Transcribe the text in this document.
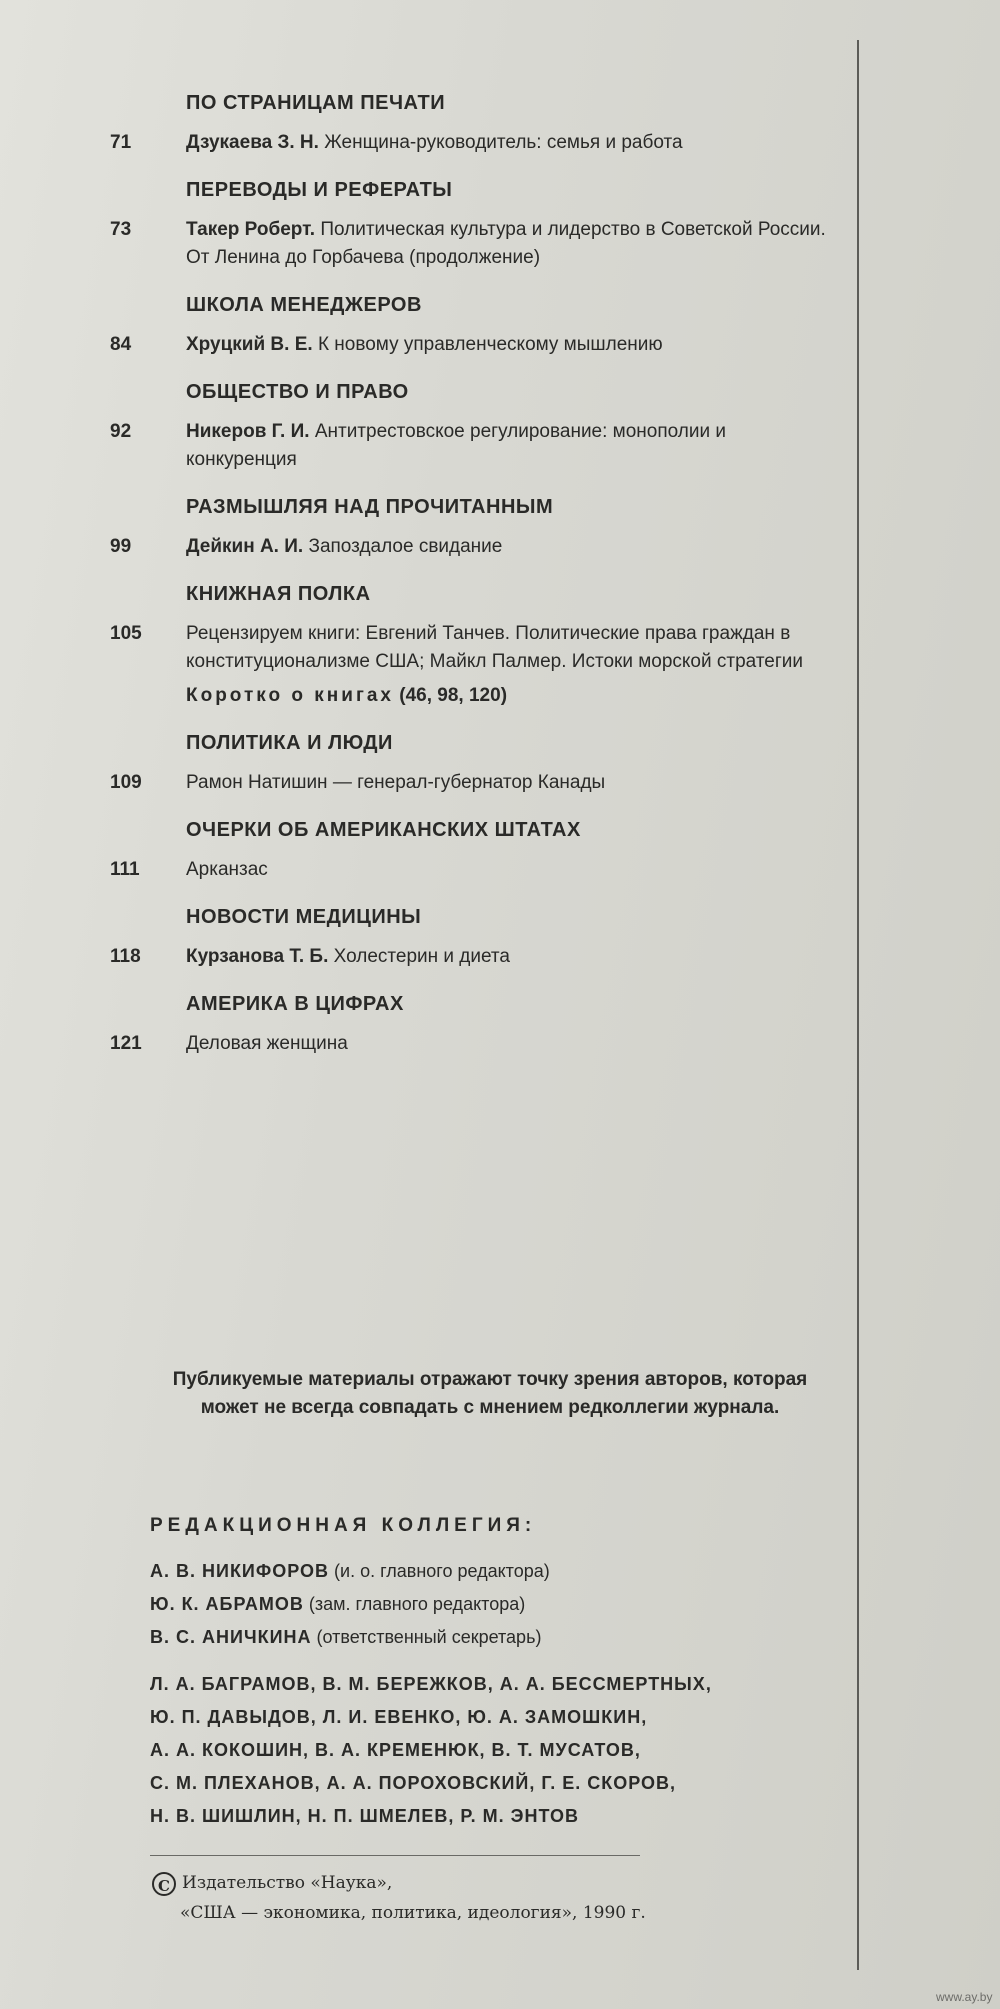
ПО СТРАНИЦАМ ПЕЧАТИ
71	Дзукаева З. Н. Женщина-руководитель: семья и работа
ПЕРЕВОДЫ И РЕФЕРАТЫ
73	Такер Роберт. Политическая культура и лидерство в Советской России. От Ленина до Горбачева (продолжение)
ШКОЛА МЕНЕДЖЕРОВ
84	Хруцкий В. Е. К новому управленческому мышлению
ОБЩЕСТВО И ПРАВО
92	Никеров Г. И. Антитрестовское регулирование: монополии и конкуренция
РАЗМЫШЛЯЯ НАД ПРОЧИТАННЫМ
99	Дейкин А. И. Запоздалое свидание
КНИЖНАЯ ПОЛКА
105	Рецензируем книги: Евгений Танчев. Политические права граждан в конституционализме США; Майкл Палмер. Истоки морской стратегии
Коротко о книгах (46, 98, 120)
ПОЛИТИКА И ЛЮДИ
109	Рамон Натишин — генерал-губернатор Канады
ОЧЕРКИ ОБ АМЕРИКАНСКИХ ШТАТАХ
111	Арканзас
НОВОСТИ МЕДИЦИНЫ
118	Курзанова Т. Б. Холестерин и диета
АМЕРИКА В ЦИФРАХ
121	Деловая женщина
Публикуемые материалы отражают точку зрения авторов, которая может не всегда совпадать с мнением редколлегии журнала.
РЕДАКЦИОННАЯ КОЛЛЕГИЯ:
А. В. НИКИФОРОВ (и. о. главного редактора)
Ю. К. АБРАМОВ (зам. главного редактора)
В. С. АНИЧКИНА (ответственный секретарь)
Л. А. БАГРАМОВ, В. М. БЕРЕЖКОВ, А. А. БЕССМЕРТНЫХ,
Ю. П. ДАВЫДОВ, Л. И. ЕВЕНКО, Ю. А. ЗАМОШКИН,
А. А. КОКОШИН, В. А. КРЕМЕНЮК, В. Т. МУСАТОВ,
С. М. ПЛЕХАНОВ, А. А. ПОРОХОВСКИЙ, Г. Е. СКОРОВ,
Н. В. ШИШЛИН, Н. П. ШМЕЛЕВ, Р. М. ЭНТОВ
C Издательство «Наука»,
«США — экономика, политика, идеология», 1990 г.
www.ay.by
